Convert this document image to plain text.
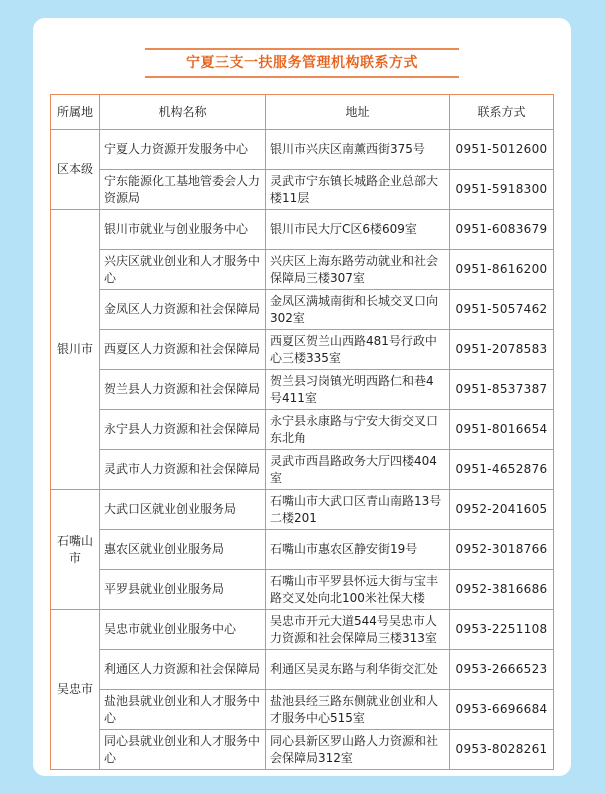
宁夏三支一扶服务管理机构联系方式
所属地	机构名称	地址	联系方式
区本级	宁夏人力资源开发服务中心	银川市兴庆区南薰西街375号	0951-5012600
	宁东能源化工基地管委会人力资源局	灵武市宁东镇长城路企业总部大楼11层	0951-5918300
银川市	银川市就业与创业服务中心	银川市民大厅C区6楼609室	0951-6083679
	兴庆区就业创业和人才服务中心	兴庆区上海东路劳动就业和社会保障局三楼307室	0951-8616200
	金凤区人力资源和社会保障局	金凤区满城南街和长城交叉口向302室	0951-5057462
	西夏区人力资源和社会保障局	西夏区贺兰山西路481号行政中心三楼335室	0951-2078583
	贺兰县人力资源和社会保障局	贺兰县习岗镇光明西路仁和巷4号411室	0951-8537387
	永宁县人力资源和社会保障局	永宁县永康路与宁安大街交叉口东北角	0951-8016654
	灵武市人力资源和社会保障局	灵武市西昌路政务大厅四楼404室	0951-4652876
石嘴山市	大武口区就业创业服务局	石嘴山市大武口区青山南路13号二楼201	0952-2041605
	惠农区就业创业服务局	石嘴山市惠农区静安街19号	0952-3018766
	平罗县就业创业服务局	石嘴山市平罗县怀远大街与宝丰路交叉处向北100米社保大楼	0952-3816686
吴忠市	吴忠市就业创业服务中心	吴忠市开元大道544号吴忠市人力资源和社会保障局三楼313室	0953-2251108
	利通区人力资源和社会保障局	利通区吴灵东路与利华街交汇处	0953-2666523
	盐池县就业创业和人才服务中心	盐池县经三路东侧就业创业和人才服务中心515室	0953-6696684
	同心县就业创业和人才服务中心	同心县新区罗山路人力资源和社会保障局312室	0953-8028261
